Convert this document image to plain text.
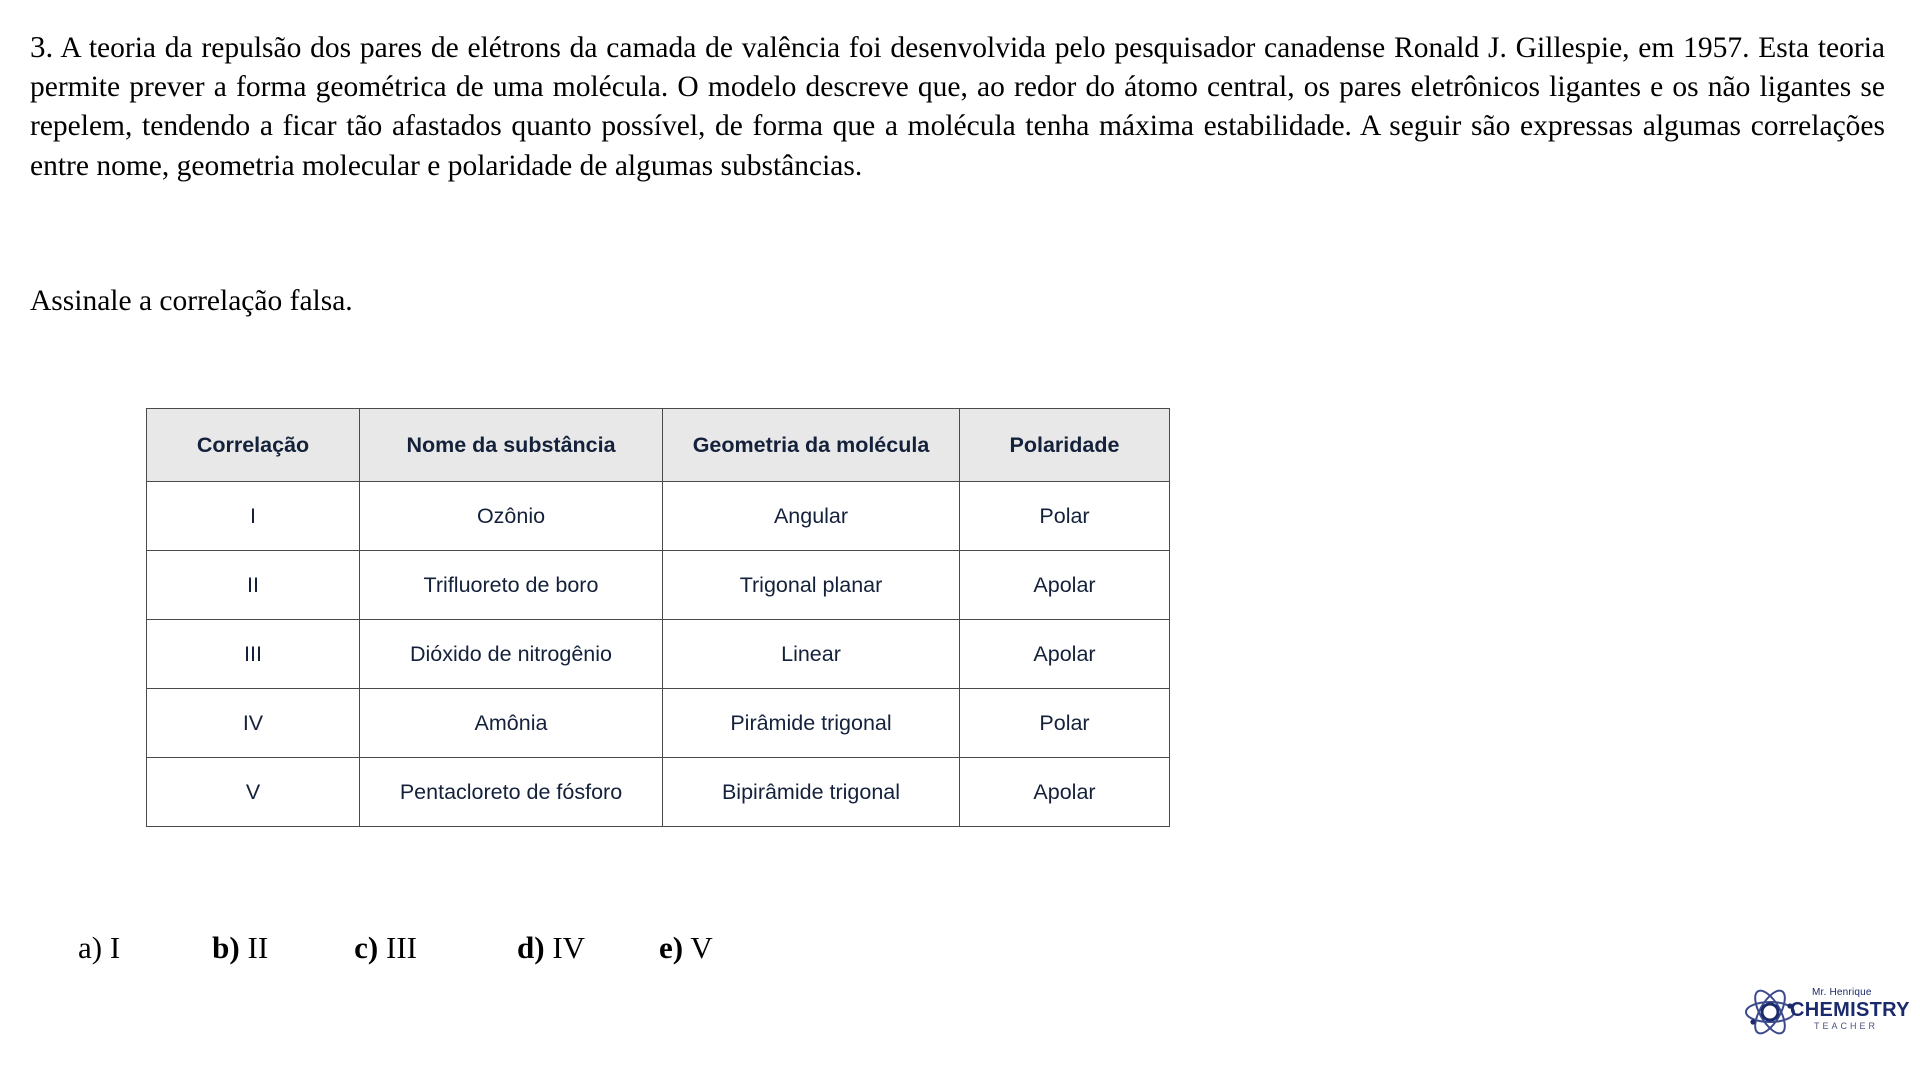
3. A teoria da repulsão dos pares de elétrons da camada de valência foi desenvolvida pelo pesquisador canadense Ronald J. Gillespie, em 1957. Esta teoria permite prever a forma geométrica de uma molécula. O modelo descreve que, ao redor do átomo central, os pares eletrônicos ligantes e os não ligantes se repelem, tendendo a ficar tão afastados quanto possível, de forma que a molécula tenha máxima estabilidade. A seguir são expressas algumas correlações entre nome, geometria molecular e polaridade de algumas substâncias.
Assinale a correlação falsa.
Correlação	Nome da substância	Geometria da molécula	Polaridade
I	Ozônio	Angular	Polar
II	Trifluoreto de boro	Trigonal planar	Apolar
III	Dióxido de nitrogênio	Linear	Apolar
IV	Amônia	Pirâmide trigonal	Polar
V	Pentacloreto de fósforo	Bipirâmide trigonal	Apolar
a) I	b) II	c) III	d) IV e) V
Mr. Henrique
CHEMISTRY
TEACHER
